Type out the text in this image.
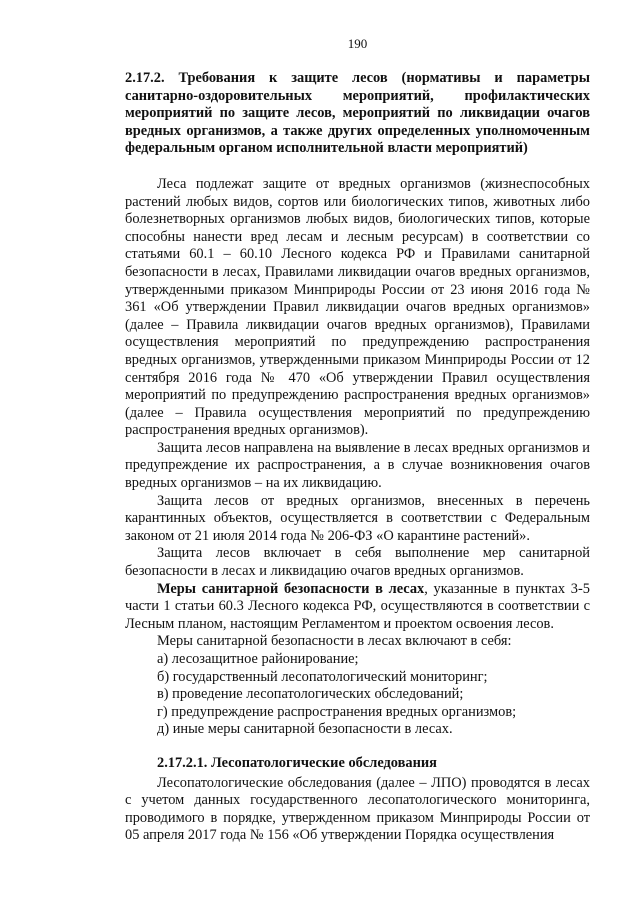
190
2.17.2. Требования к защите лесов (нормативы и параметры санитарно-оздоровительных мероприятий, профилактических мероприятий по защите лесов, мероприятий по ликвидации очагов вредных организмов, а также других определенных уполномоченным федеральным органом исполнительной власти мероприятий)

Леса подлежат защите от вредных организмов (жизнеспособных растений любых видов, сортов или биологических типов, животных либо болезнетворных организмов любых видов, биологических типов, которые способны нанести вред лесам и лесным ресурсам) в соответствии со статьями 60.1 – 60.10 Лесного кодекса РФ и Правилами санитарной безопасности в лесах, Правилами ликвидации очагов вредных организмов, утвержденными приказом Минприроды России от 23 июня 2016 года № 361 «Об утверждении Правил ликвидации очагов вредных организмов» (далее – Правила ликвидации очагов вредных организмов), Правилами осуществления мероприятий по предупреждению распространения вредных организмов, утвержденными приказом Минприроды России от 12 сентября 2016 года № 470 «Об утверждении Правил осуществления мероприятий по предупреждению распространения вредных организмов» (далее – Правила осуществления мероприятий по предупреждению распространения вредных организмов).

Защита лесов направлена на выявление в лесах вредных организмов и предупреждение их распространения, а в случае возникновения очагов вредных организмов – на их ликвидацию.

Защита лесов от вредных организмов, внесенных в перечень карантинных объектов, осуществляется в соответствии с Федеральным законом от 21 июля 2014 года № 206-ФЗ «О карантине растений».

Защита лесов включает в себя выполнение мер санитарной безопасности в лесах и ликвидацию очагов вредных организмов.

Меры санитарной безопасности в лесах, указанные в пунктах 3-5 части 1 статьи 60.3 Лесного кодекса РФ, осуществляются в соответствии с Лесным планом, настоящим Регламентом и проектом освоения лесов.

Меры санитарной безопасности в лесах включают в себя:

а) лесозащитное районирование;

б) государственный лесопатологический мониторинг;

в) проведение лесопатологических обследований;

г) предупреждение распространения вредных организмов;

д) иные меры санитарной безопасности в лесах.

2.17.2.1. Лесопатологические обследования

Лесопатологические обследования (далее – ЛПО) проводятся в лесах с учетом данных государственного лесопатологического мониторинга, проводимого в порядке, утвержденном приказом Минприроды России от 05 апреля 2017 года № 156 «Об утверждении Порядка осуществления
